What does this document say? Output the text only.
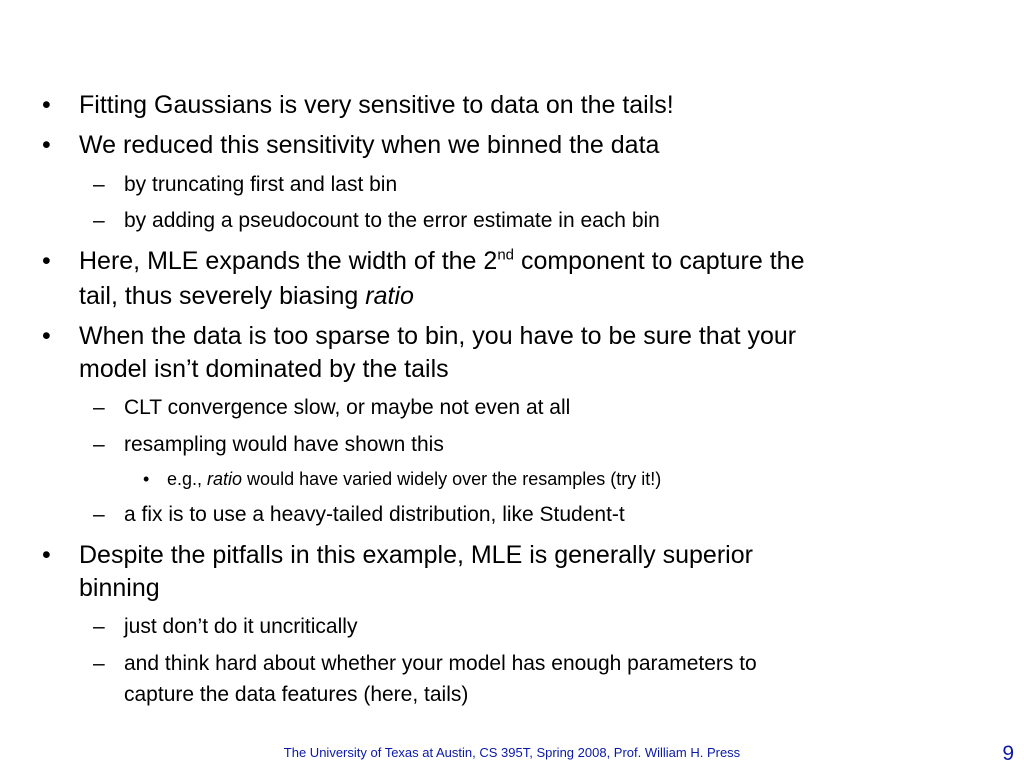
• Fitting Gaussians is very sensitive to data on the tails!
• We reduced this sensitivity when we binned the data
– by truncating first and last bin
– by adding a pseudocount to the error estimate in each bin
• Here, MLE expands the width of the 2nd component to capture the
tail, thus severely biasing ratio
• When the data is too sparse to bin, you have to be sure that your
model isn’t dominated by the tails
– CLT convergence slow, or maybe not even at all
– resampling would have shown this
• e.g., ratio would have varied widely over the resamples (try it!)
– a fix is to use a heavy-tailed distribution, like Student-t
• Despite the pitfalls in this example, MLE is generally superior
binning
– just don’t do it uncritically
– and think hard about whether your model has enough parameters to
capture the data features (here, tails)
The University of Texas at Austin, CS 395T, Spring 2008, Prof. William H. Press	9
